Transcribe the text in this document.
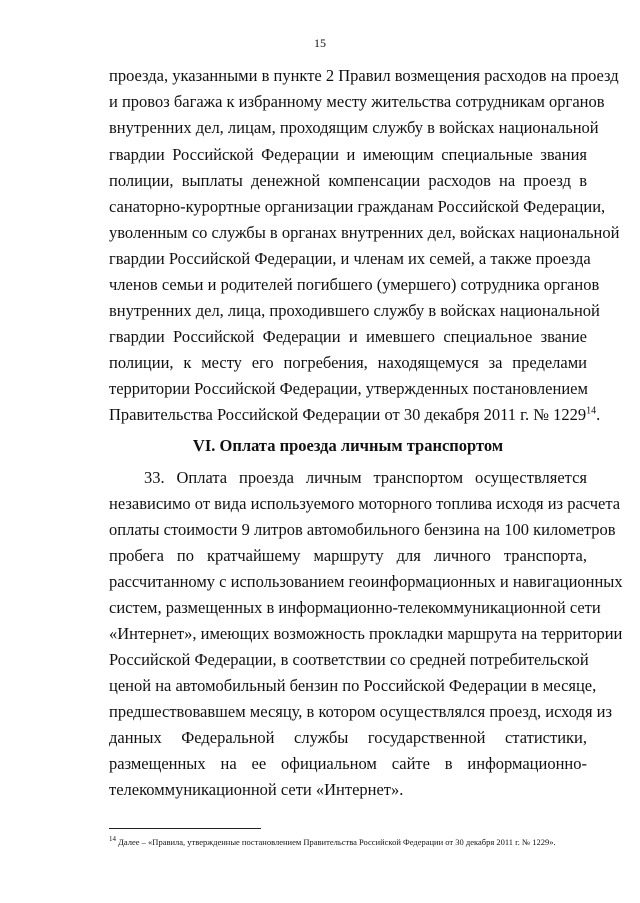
15
проезда, указанными в пункте 2 Правил возмещения расходов на проезд
и провоз багажа к избранному месту жительства сотрудникам органов
внутренних дел, лицам, проходящим службу в войсках национальной
гвардии Российской Федерации и имеющим специальные звания
полиции, выплаты денежной компенсации расходов на проезд в
санаторно-курортные организации гражданам Российской Федерации,
уволенным со службы в органах внутренних дел, войсках национальной
гвардии Российской Федерации, и членам их семей, а также проезда
членов семьи и родителей погибшего (умершего) сотрудника органов
внутренних дел, лица, проходившего службу в войсках национальной
гвардии Российской Федерации и имевшего специальное звание
полиции, к месту его погребения, находящемуся за пределами
территории Российской Федерации, утвержденных постановлением
Правительства Российской Федерации от 30 декабря 2011 г. № 1229$^{14}$.
VI. Оплата проезда личным транспортом
33. Оплата проезда личным транспортом осуществляется
независимо от вида используемого моторного топлива исходя из расчета
оплаты стоимости 9 литров автомобильного бензина на 100 километров
пробега по кратчайшему маршруту для личного транспорта,
рассчитанному с использованием геоинформационных и навигационных
систем, размещенных в информационно-телекоммуникационной сети
«Интернет», имеющих возможность прокладки маршрута на территории
Российской Федерации, в соответствии со средней потребительской
ценой на автомобильный бензин по Российской Федерации в месяце,
предшествовавшем месяцу, в котором осуществлялся проезд, исходя из
данных Федеральной службы государственной статистики,
размещенных на ее официальном сайте в информационно-
телекоммуникационной сети «Интернет».
$^{14}$ Далее – «Правила, утвержденные постановлением Правительства Российской Федерации от 30 декабря 2011 г. № 1229».
